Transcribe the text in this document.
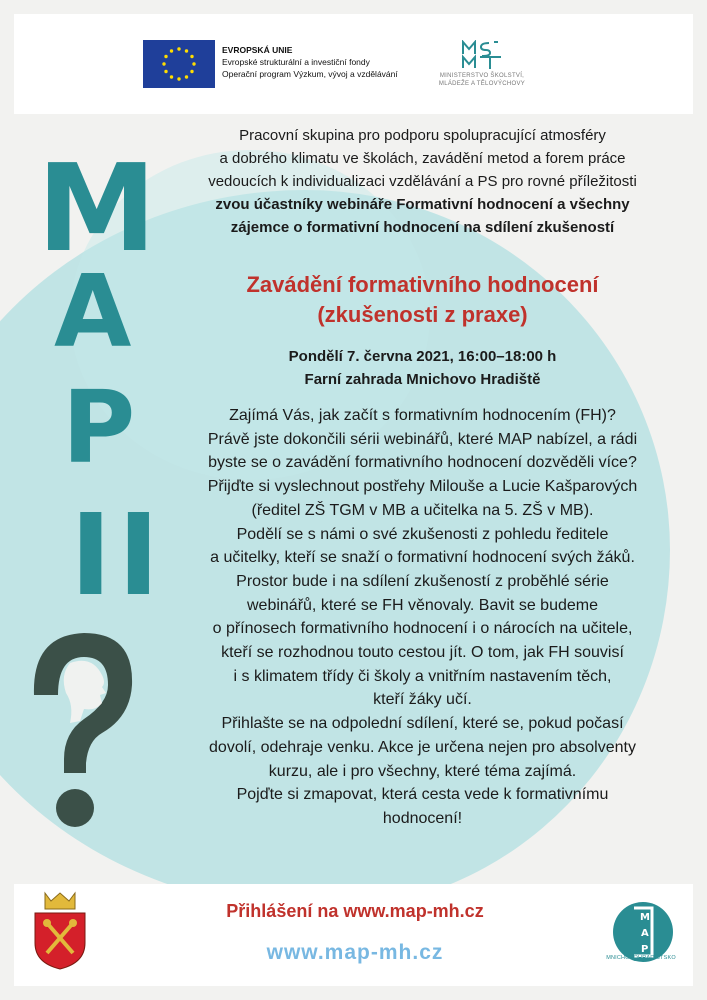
EVROPSKÁ UNIE
Evropské strukturální a investiční fondy
Operační program Výzkum, vývoj a vzdělávání	MINISTERSTVO ŠKOLSTVÍ,
MLÁDEŽE A TĚLOVÝCHOVY
M
A
P
II
Pracovní skupina pro podporu spolupracující atmosféry
a dobrého klimatu ve školách, zavádění metod a forem práce
vedoucích k individualizaci vzdělávání a PS pro rovné příležitosti
zvou účastníky webináře Formativní hodnocení a všechny
zájemce o formativní hodnocení na sdílení zkušeností
Zavádění formativního hodnocení
(zkušenosti z praxe)
Pondělí 7. června 2021, 16:00–18:00 h
Farní zahrada Mnichovo Hradiště
Zajímá Vás, jak začít s formativním hodnocením (FH)?
Právě jste dokončili sérii webinářů, které MAP nabízel, a rádi
byste se o zavádění formativního hodnocení dozvěděli více?
Přijďte si vyslechnout postřehy Milouše a Lucie Kašparových
(ředitel ZŠ TGM v MB a učitelka na 5. ZŠ v MB).
Podělí se s námi o své zkušenosti z pohledu ředitele
a učitelky, kteří se snaží o formativní hodnocení svých žáků.
Prostor bude i na sdílení zkušeností z proběhlé série
webinářů, které se FH věnovaly. Bavit se budeme
o přínosech formativního hodnocení i o nárocích na učitele,
kteří se rozhodnou touto cestou jít. O tom, jak FH souvisí
i s klimatem třídy či školy a vnitřním nastavením těch,
kteří žáky učí.
Přihlašte se na odpolední sdílení, které se, pokud počasí
dovolí, odehraje venku. Akce je určena nejen pro absolventy
kurzu, ale i pro všechny, které téma zajímá.
Pojďte si zmapovat, která cesta vede k formativnímu
hodnocení!
Přihlášení na www.map-mh.cz
www.map-mh.cz
M
A
P
MNICHOVOHRADIŠŤSKO
